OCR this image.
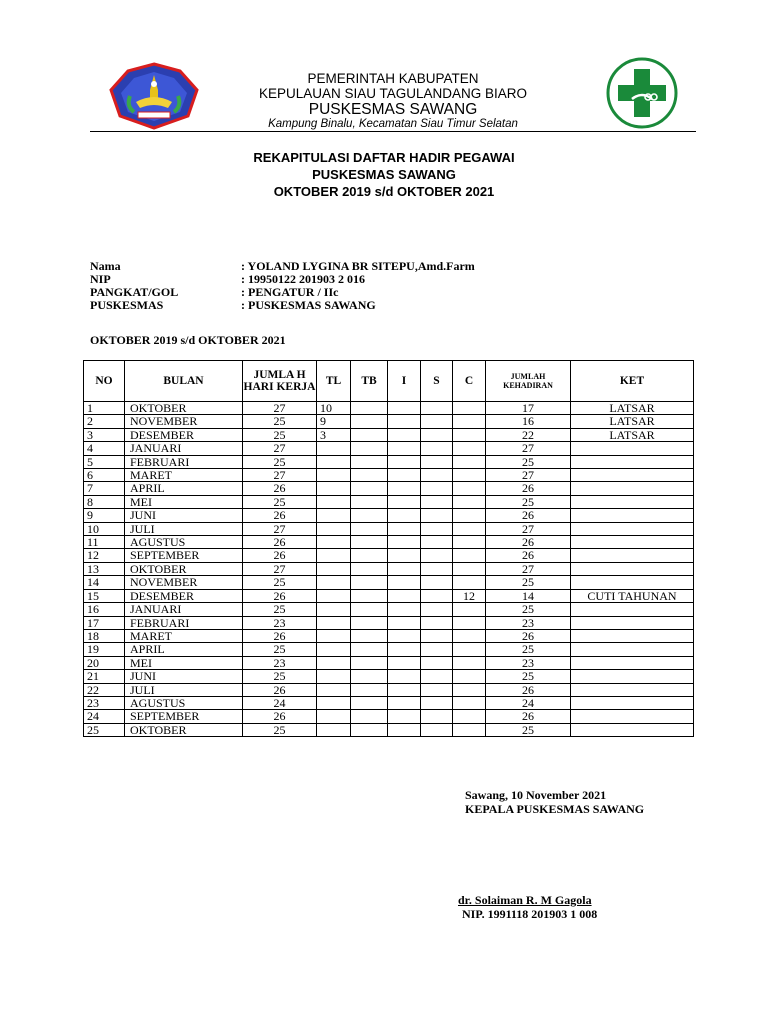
PEMERINTAH KABUPATEN
KEPULAUAN SIAU TAGULANDANG BIARO
PUSKESMAS SAWANG
Kampung Binalu, Kecamatan Siau Timur Selatan
REKAPITULASI DAFTAR HADIR PEGAWAI
PUSKESMAS SAWANG
OKTOBER 2019 s/d OKTOBER 2021
Nama	: YOLAND LYGINA BR SITEPU,Amd.Farm
NIP	: 19950122 201903 2 016
PANGKAT/GOL	: PENGATUR / IIc
PUSKESMAS	: PUSKESMAS SAWANG
OKTOBER 2019 s/d OKTOBER 2021
NO	BULAN	JUMLA H HARI KERJA	TL	TB	I	S	C	JUMLAH KEHADIRAN	KET
1	OKTOBER	27	10					17	LATSAR
2	NOVEMBER	25	9					16	LATSAR
3	DESEMBER	25	3					22	LATSAR
4	JANUARI	27						27	
5	FEBRUARI	25						25	
6	MARET	27						27	
7	APRIL	26						26	
8	MEI	25						25	
9	JUNI	26						26	
10	JULI	27						27	
11	AGUSTUS	26						26	
12	SEPTEMBER	26						26	
13	OKTOBER	27						27	
14	NOVEMBER	25						25	
15	DESEMBER	26					12	14	CUTI TAHUNAN
16	JANUARI	25						25	
17	FEBRUARI	23						23	
18	MARET	26						26	
19	APRIL	25						25	
20	MEI	23						23	
21	JUNI	25						25	
22	JULI	26						26	
23	AGUSTUS	24						24	
24	SEPTEMBER	26						26	
25	OKTOBER	25						25	
Sawang, 10 November 2021
KEPALA PUSKESMAS SAWANG
dr. Solaiman R. M Gagola
NIP. 1991118 201903 1 008
